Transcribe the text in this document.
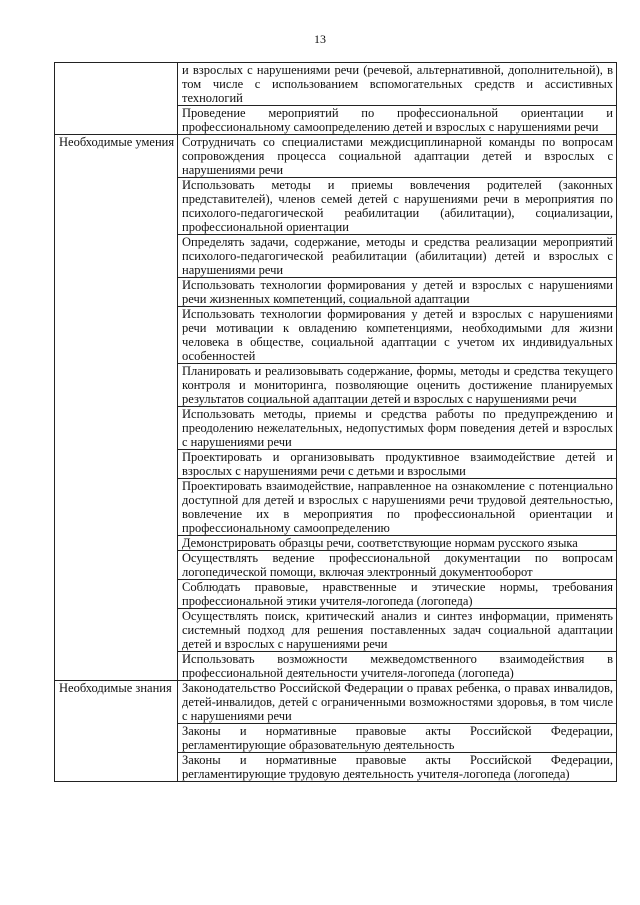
13
	и взрослых с нарушениями речи (речевой, альтернативной, дополнительной), в том числе с использованием вспомогательных средств и ассистивных технологий
	Проведение мероприятий по профессиональной ориентации и профессиональному самоопределению детей и взрослых с нарушениями речи
Необходимые умения	Сотрудничать со специалистами междисциплинарной команды по вопросам сопровождения процесса социальной адаптации детей и взрослых с нарушениями речи
	Использовать методы и приемы вовлечения родителей (законных представителей), членов семей детей с нарушениями речи в мероприятия по психолого-педагогической реабилитации (абилитации), социализации, профессиональной ориентации
	Определять задачи, содержание, методы и средства реализации мероприятий психолого-педагогической реабилитации (абилитации) детей и взрослых с нарушениями речи
	Использовать технологии формирования у детей и взрослых с нарушениями речи жизненных компетенций, социальной адаптации
	Использовать технологии формирования у детей и взрослых с нарушениями речи мотивации к овладению компетенциями, необходимыми для жизни человека в обществе, социальной адаптации с учетом их индивидуальных особенностей
	Планировать и реализовывать содержание, формы, методы и средства текущего контроля и мониторинга, позволяющие оценить достижение планируемых результатов социальной адаптации детей и взрослых с нарушениями речи
	Использовать методы, приемы и средства работы по предупреждению и преодолению нежелательных, недопустимых форм поведения детей и взрослых с нарушениями речи
	Проектировать и организовывать продуктивное взаимодействие детей и взрослых с нарушениями речи с детьми и взрослыми
	Проектировать взаимодействие, направленное на ознакомление с потенциально доступной для детей и взрослых с нарушениями речи трудовой деятельностью, вовлечение их в мероприятия по профессиональной ориентации и профессиональному самоопределению
	Демонстрировать образцы речи, соответствующие нормам русского языка
	Осуществлять ведение профессиональной документации по вопросам логопедической помощи, включая электронный документооборот
	Соблюдать правовые, нравственные и этические нормы, требования профессиональной этики учителя-логопеда (логопеда)
	Осуществлять поиск, критический анализ и синтез информации, применять системный подход для решения поставленных задач социальной адаптации детей и взрослых с нарушениями речи
	Использовать возможности межведомственного взаимодействия в профессиональной деятельности учителя-логопеда (логопеда)
Необходимые знания	Законодательство Российской Федерации о правах ребенка, о правах инвалидов, детей-инвалидов, детей с ограниченными возможностями здоровья, в том числе с нарушениями речи
	Законы и нормативные правовые акты Российской Федерации, регламентирующие образовательную деятельность
	Законы и нормативные правовые акты Российской Федерации, регламентирующие трудовую деятельность учителя-логопеда (логопеда)
